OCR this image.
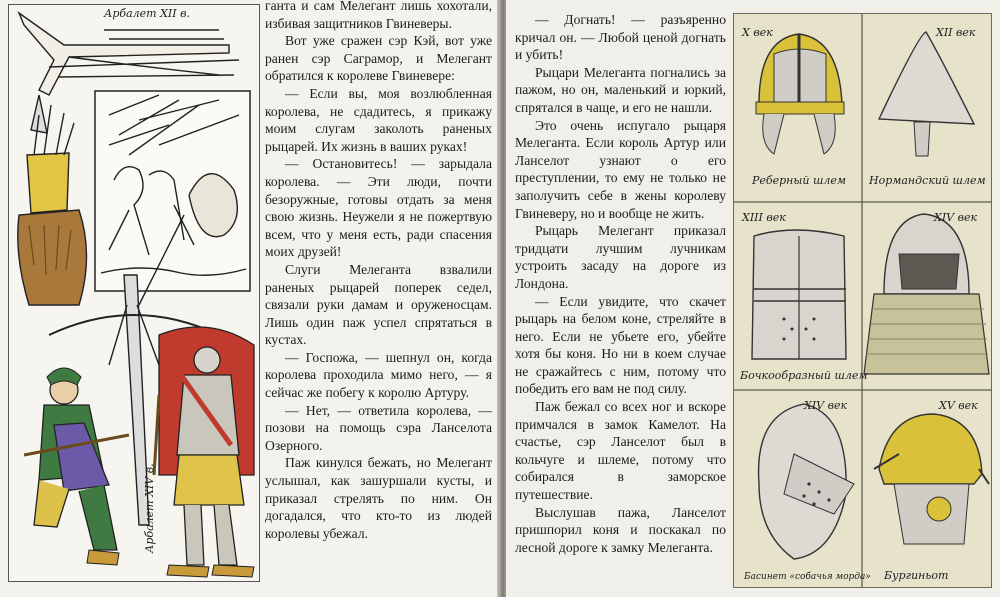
Арбалет XII в.
Арбалет XIV в.

ганта и сам Мелегант лишь хохотали, избивая защитников Гвиневеры.

Вот уже сражен сэр Кэй, вот уже ранен сэр Саграмор, и Мелегант обратился к королеве Гвиневере:

— Если вы, моя возлюбленная королева, не сдадитесь, я прикажу моим слугам заколоть раненых рыцарей. Их жизнь в ваших руках!

— Остановитесь! — зарыдала королева. — Эти люди, почти безоружные, готовы отдать за меня свою жизнь. Неужели я не пожертвую всем, что у меня есть, ради спасения моих друзей!

Слуги Мелеганта взвалили раненых рыцарей поперек седел, связали руки дамам и оруженосцам. Лишь один паж успел спрятаться в кустах.

— Госпожа, — шепнул он, когда королева проходила мимо него, — я сейчас же побегу к королю Артуру.

— Нет, — ответила королева, — позови на помощь сэра Ланселота Озерного.

Паж кинулся бежать, но Мелегант услышал, как зашуршали кусты, и приказал стрелять по ним. Он догадался, что кто-то из людей королевы убежал.

— Догнать! — разъяренно кричал он. — Любой ценой догнать и убить!

Рыцари Мелеганта погнались за пажом, но он, маленький и юркий, спрятался в чаще, и его не нашли.

Это очень испугало рыцаря Мелеганта. Если король Артур или Ланселот узнают о его преступлении, то ему не только не заполучить себе в жены королеву Гвиневеру, но и вообще не жить.

Рыцарь Мелегант приказал тридцати лучшим лучникам устроить засаду на дороге из Лондона.

— Если увидите, что скачет рыцарь на белом коне, стреляйте в него. Если не убьете его, убейте хотя бы коня. Но ни в коем случае не сражайтесь с ним, потому что победить его вам не под силу.

Паж бежал со всех ног и вскоре примчался в замок Камелот. На счастье, сэр Ланселот был в кольчуге и шлеме, потому что собирался в заморское путешествие.

Выслушав пажа, Ланселот пришпорил коня и поскакал по лесной дороге к замку Мелеганта.

X век	XII век
XIII век	XIV век
XIV век	XV век
Реберный шлем Нормандский шлем
Бочкообразный шлем
Басинет «собачья морда» Бургиньот
